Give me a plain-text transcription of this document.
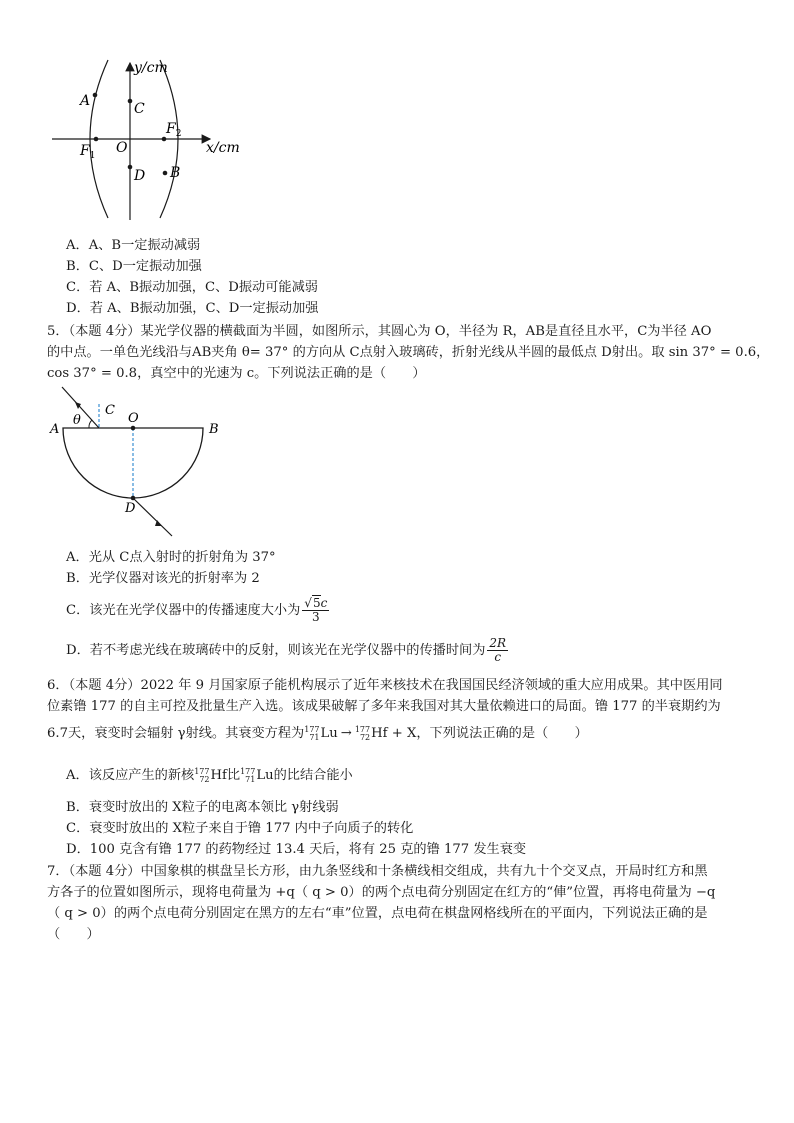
y/cm
x/cm
O
A	C
D B
$F_1$
$F_2$
A．A、B一定振动减弱
B．C、D一定振动加强
C．若 A、B振动加强，C、D振动可能减弱
D．若 A、B振动加强，C、D一定振动加强
5．（本题 4分）某光学仪器的横截面为半圆，如图所示，其圆心为 O，半径为 R，AB是直径且水平，C为半径 AO
的中点。一单色光线沿与AB夹角 θ= 37° 的方向从 C点射入玻璃砖，折射光线从半圆的最低点 D射出。取 sin 37° = 0.6，
cos 37° = 0.8，真空中的光速为 c。下列说法正确的是（　　）
A	B
C
O
D
θ
A．光从 C点入射时的折射角为 37°
B．光学仪器对该光的折射率为 2
C．该光在光学仪器中的传播速度大小为 $\frac{√5c}{3}$
D．若不考虑光线在玻璃砖中的反射，则该光在光学仪器中的传播时间为 $\frac{2R}{c}$
6．（本题 4分）2022 年 9 月国家原子能机构展示了近年来核技术在我国国民经济领域的重大应用成果。其中医用同
位素镥 177 的自主可控及批量生产入选。该成果破解了多年来我国对其大量依赖进口的局面。镥 177 的半衰期约为
6.7天，衰变时会辐射 γ射线。其衰变方程为 177
71 Lu → 177
72 Hf + X，下列说法正确的是（　　）
A．该反应产生的新核 177
72 Hf比 177
71 Lu的比结合能小
B．衰变时放出的 X粒子的电离本领比 γ射线弱
C．衰变时放出的 X粒子来自于镥 177 内中子向质子的转化
D．100 克含有镥 177 的药物经过 13.4 天后，将有 25 克的镥 177 发生衰变
7．（本题 4分）中国象棋的棋盘呈长方形，由九条竖线和十条横线相交组成，共有九十个交叉点，开局时红方和黑
方各子的位置如图所示，现将电荷量为 +q（ q > 0）的两个点电荷分别固定在红方的“俥”位置，再将电荷量为 −q
（ q > 0）的两个点电荷分别固定在黑方的左右“車”位置，点电荷在棋盘网格线所在的平面内，下列说法正确的是
（　　）
